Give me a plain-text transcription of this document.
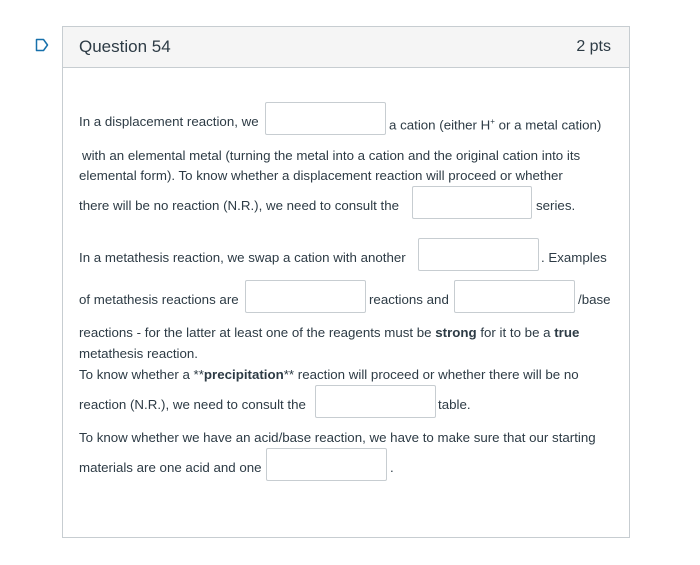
Question 54	2 pts
In a displacement reaction, we	a cation (either H+ or a metal cation)
with an elemental metal (turning the metal into a cation and the original cation into its
elemental form). To know whether a displacement reaction will proceed or whether
there will be no reaction (N.R.), we need to consult the	series.
In a metathesis reaction, we swap a cation with another	. Examples
of metathesis reactions are	reactions and	/base
reactions - for the latter at least one of the reagents must be strong for it to be a true
metathesis reaction.
To know whether a **precipitation** reaction will proceed or whether there will be no
reaction (N.R.), we need to consult the	table.
To know whether we have an acid/base reaction, we have to make sure that our starting
materials are one acid and one	.
